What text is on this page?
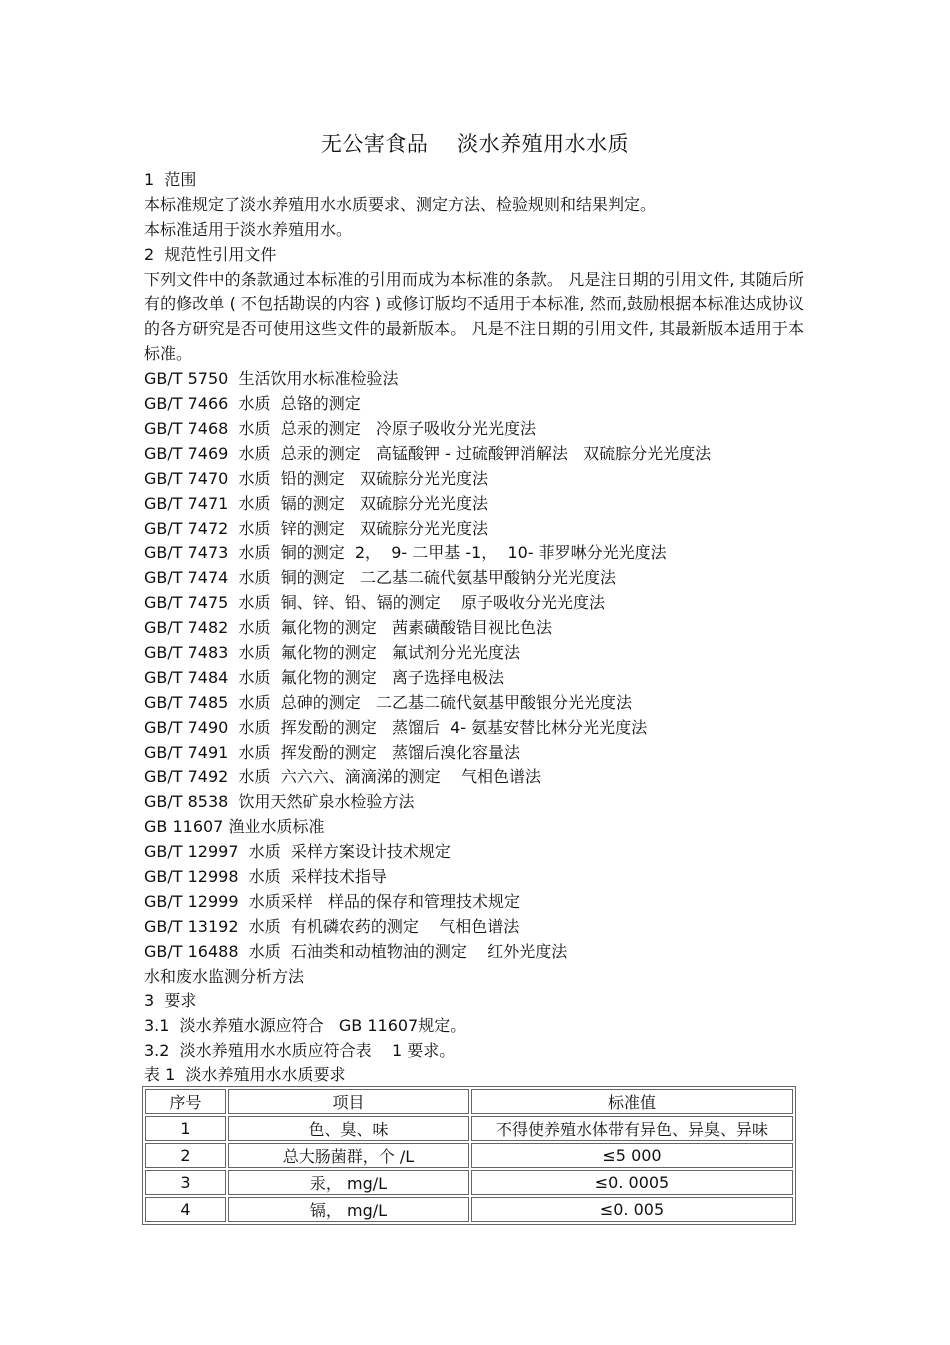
无公害食品    淡水养殖用水水质
1  范围
本标准规定了淡水养殖用水水质要求、测定方法、检验规则和结果判定。
本标准适用于淡水养殖用水。
2  规范性引用文件
下列文件中的条款通过本标准的引用而成为本标准的条款。 凡是注日期的引用文件, 其随后所有的修改单 ( 不包括勘误的内容 ) 或修订版均不适用于本标准, 然而,鼓励根据本标准达成协议的各方研究是否可使用这些文件的最新版本。 凡是不注日期的引用文件, 其最新版本适用于本标准。
GB∕T 5750  生活饮用水标准检验法
GB∕T 7466  水质  总铬的测定
GB∕T 7468  水质  总汞的测定   冷原子吸收分光光度法
GB∕T 7469  水质  总汞的测定   高锰酸钾 - 过硫酸钾消解法   双硫腙分光光度法
GB∕T 7470  水质  铅的测定   双硫腙分光光度法
GB∕T 7471  水质  镉的测定   双硫腙分光光度法
GB∕T 7472  水质  锌的测定   双硫腙分光光度法
GB∕T 7473  水质  铜的测定  2，  9- 二甲基 -1，  10- 菲罗啉分光光度法
GB∕T 7474  水质  铜的测定   二乙基二硫代氨基甲酸钠分光光度法
GB∕T 7475  水质  铜、锌、铅、镉的测定    原子吸收分光光度法
GB∕T 7482  水质  氟化物的测定   茜素磺酸锆目视比色法
GB∕T 7483  水质  氟化物的测定   氟试剂分光光度法
GB∕T 7484  水质  氟化物的测定   离子选择电极法
GB∕T 7485  水质  总砷的测定   二乙基二硫代氨基甲酸银分光光度法
GB∕T 7490  水质  挥发酚的测定   蒸馏后  4- 氨基安替比林分光光度法
GB∕T 7491  水质  挥发酚的测定   蒸馏后溴化容量法
GB∕T 7492  水质  六六六、滴滴涕的测定    气相色谱法
GB∕T 8538  饮用天然矿泉水检验方法
GB 11607 渔业水质标准
GB∕T 12997  水质  采样方案设计技术规定
GB∕T 12998  水质  采样技术指导
GB∕T 12999  水质采样   样品的保存和管理技术规定
GB∕T 13192  水质  有机磷农药的测定    气相色谱法
GB∕T 16488  水质  石油类和动植物油的测定    红外光度法
水和废水监测分析方法
3  要求
3.1  淡水养殖水源应符合   GB 11607规定。
3.2  淡水养殖用水水质应符合表    1 要求。
表 1  淡水养殖用水水质要求
序号	项目	标准值
1	色、臭、味	不得使养殖水体带有异色、异臭、异味
2	总大肠菌群，个 /L	≤5 000
3	汞， mg/L	≤0. 0005
4	镉， mg/L	≤0. 005
